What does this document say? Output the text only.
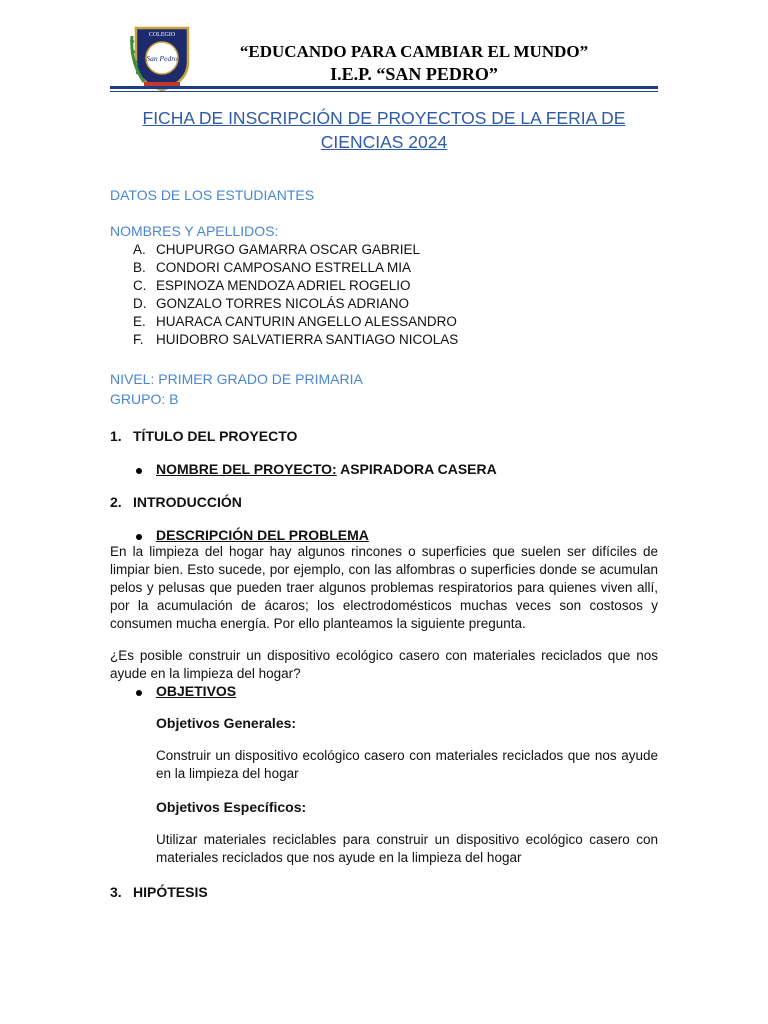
COLEGIO
San Pedro	“EDUCANDO PARA CAMBIAR EL MUNDO”
I.E.P. “SAN PEDRO”
FICHA DE INSCRIPCIÓN DE PROYECTOS DE LA FERIA DE CIENCIAS 2024
DATOS DE LOS ESTUDIANTES
NOMBRES Y APELLIDOS:
A. CHUPURGO GAMARRA OSCAR GABRIEL
B. CONDORI CAMPOSANO ESTRELLA MIA
C. ESPINOZA MENDOZA ADRIEL ROGELIO
D. GONZALO TORRES NICOLÁS ADRIANO
E. HUARACA CANTURIN ANGELLO ALESSANDRO
F. HUIDOBRO SALVATIERRA SANTIAGO NICOLAS
NIVEL: PRIMER GRADO DE PRIMARIA
GRUPO: B
1. TÍTULO DEL PROYECTO
NOMBRE DEL PROYECTO: ASPIRADORA CASERA
2. INTRODUCCIÓN
DESCRIPCIÓN DEL PROBLEMA
En la limpieza del hogar hay algunos rincones o superficies que suelen ser difíciles de limpiar bien. Esto sucede, por ejemplo, con las alfombras o superficies donde se acumulan pelos y pelusas que pueden traer algunos problemas respiratorios para quienes viven allí, por la acumulación de ácaros; los electrodomésticos muchas veces son costosos y consumen mucha energía. Por ello planteamos la siguiente pregunta.
¿Es posible construir un dispositivo ecológico casero con materiales reciclados que nos ayude en la limpieza del hogar?
OBJETIVOS
Objetivos Generales:
Construir un dispositivo ecológico casero con materiales reciclados que nos ayude en la limpieza del hogar
Objetivos Específicos:
Utilizar materiales reciclables para construir un dispositivo ecológico casero con materiales reciclados que nos ayude en la limpieza del hogar
3. HIPÓTESIS
